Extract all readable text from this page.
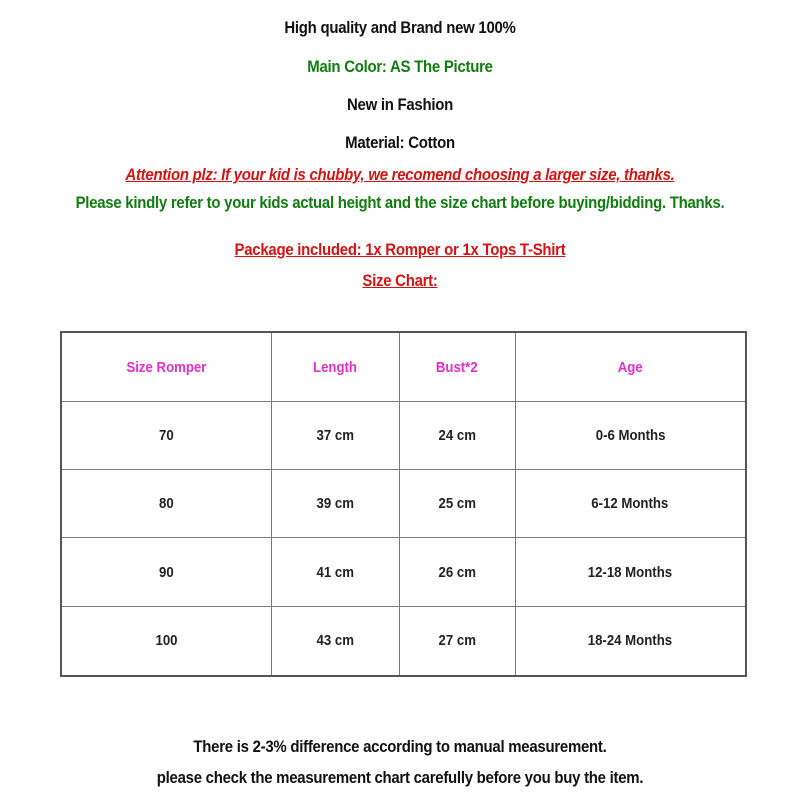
High quality and Brand new 100%
Main Color: AS The Picture
New in Fashion
Material: Cotton
Attention plz: If your kid is chubby, we recomend choosing a larger size, thanks.
Please kindly refer to your kids actual height and the size chart before buying/bidding. Thanks.
Package included: 1x Romper or 1x Tops T-Shirt
Size Chart:
Size Romper	Length	Bust*2	Age
70	37 cm	24 cm	0-6 Months
80	39 cm	25 cm	6-12 Months
90	41 cm	26 cm	12-18 Months
100	43 cm	27 cm	18-24 Months
There is 2-3% difference according to manual measurement.
please check the measurement chart carefully before you buy the item.
